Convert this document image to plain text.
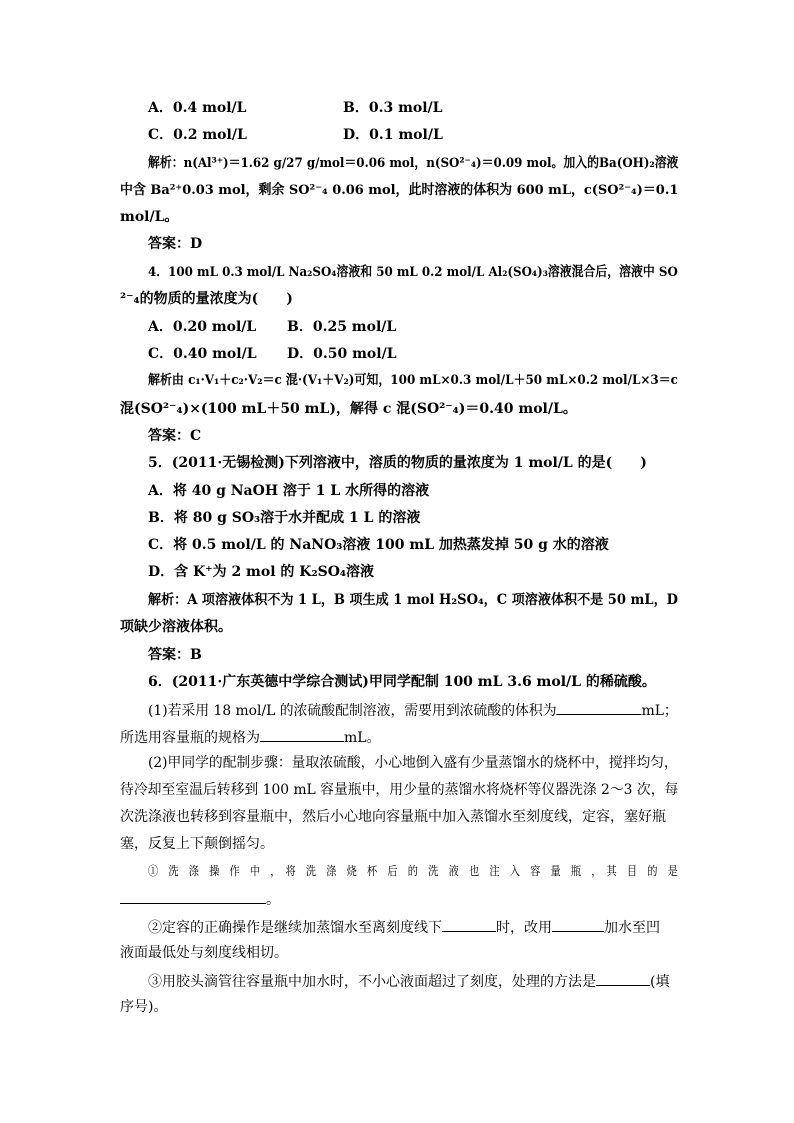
A．0.4 mol/L	B．0.3 mol/L
C．0.2 mol/L	D．0.1 mol/L
解析：n(Al³⁺)＝1.62 g/27 g/mol＝0.06 mol，n(SO²⁻₄)＝0.09 mol。加入的Ba(OH)₂溶液
中含 Ba²⁺0.03 mol，剩余 SO²⁻₄ 0.06 mol，此时溶液的体积为 600 mL，c(SO²⁻₄)＝0.1
mol/L。
答案：D
4．100 mL 0.3 mol/L Na₂SO₄溶液和 50 mL 0.2 mol/L Al₂(SO₄)₃溶液混合后，溶液中 SO
²⁻₄的物质的量浓度为(　　)
A．0.20 mol/L B．0.25 mol/L
C．0.40 mol/L D．0.50 mol/L
解析由 c₁·V₁＋c₂·V₂＝c 混·(V₁＋V₂)可知，100 mL×0.3 mol/L＋50 mL×0.2 mol/L×3＝c
混(SO²⁻₄)×(100 mL＋50 mL)，解得 c 混(SO²⁻₄)＝0.40 mol/L。
答案：C
5．(2011·无锡检测)下列溶液中，溶质的物质的量浓度为 1 mol/L 的是(　　)
A．将 40 g NaOH 溶于 1 L 水所得的溶液
B．将 80 g SO₃溶于水并配成 1 L 的溶液
C．将 0.5 mol/L 的 NaNO₃溶液 100 mL 加热蒸发掉 50 g 水的溶液
D．含 K⁺为 2 mol 的 K₂SO₄溶液
解析：A 项溶液体积不为 1 L，B 项生成 1 mol H₂SO₄，C 项溶液体积不是 50 mL，D
项缺少溶液体积。
答案：B
6．(2011·广东英德中学综合测试)甲同学配制 100 mL 3.6 mol/L 的稀硫酸。
(1)若采用 18 mol/L 的浓硫酸配制溶液，需要用到浓硫酸的体积为	mL；
所选用容量瓶的规格为	mL。
(2)甲同学的配制步骤：量取浓硫酸，小心地倒入盛有少量蒸馏水的烧杯中，搅拌均匀，
待冷却至室温后转移到 100 mL 容量瓶中，用少量的蒸馏水将烧杯等仪器洗涤 2～3 次，每
次洗涤液也转移到容量瓶中，然后小心地向容量瓶中加入蒸馏水至刻度线，定容，塞好瓶
塞，反复上下颠倒摇匀。
①　洗　涤　操　作　中　，　将　洗　涤　烧　杯　后　的　洗　液　也　注　入　容　量　瓶　，　其　目　的　是
。
②定容的正确操作是继续加蒸馏水至离刻度线下	时，改用	加水至凹
液面最低处与刻度线相切。
③用胶头滴管往容量瓶中加水时，不小心液面超过了刻度，处理的方法是	(填
序号)。
